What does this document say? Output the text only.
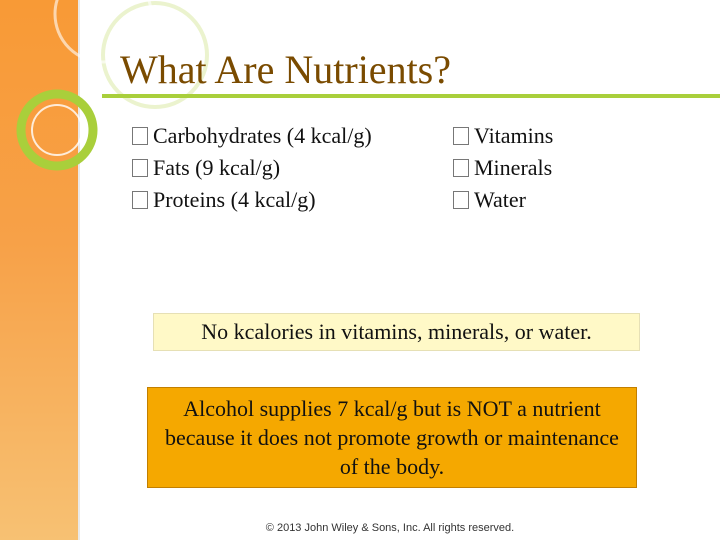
What Are Nutrients?
Carbohydrates (4 kcal/g)
Fats (9 kcal/g)
Proteins (4 kcal/g)
Vitamins
Minerals
Water
No kcalories in vitamins, minerals, or water.
Alcohol supplies 7 kcal/g but is NOT a nutrient because it does not promote growth or maintenance of the body.
© 2013 John Wiley & Sons, Inc. All rights reserved.
